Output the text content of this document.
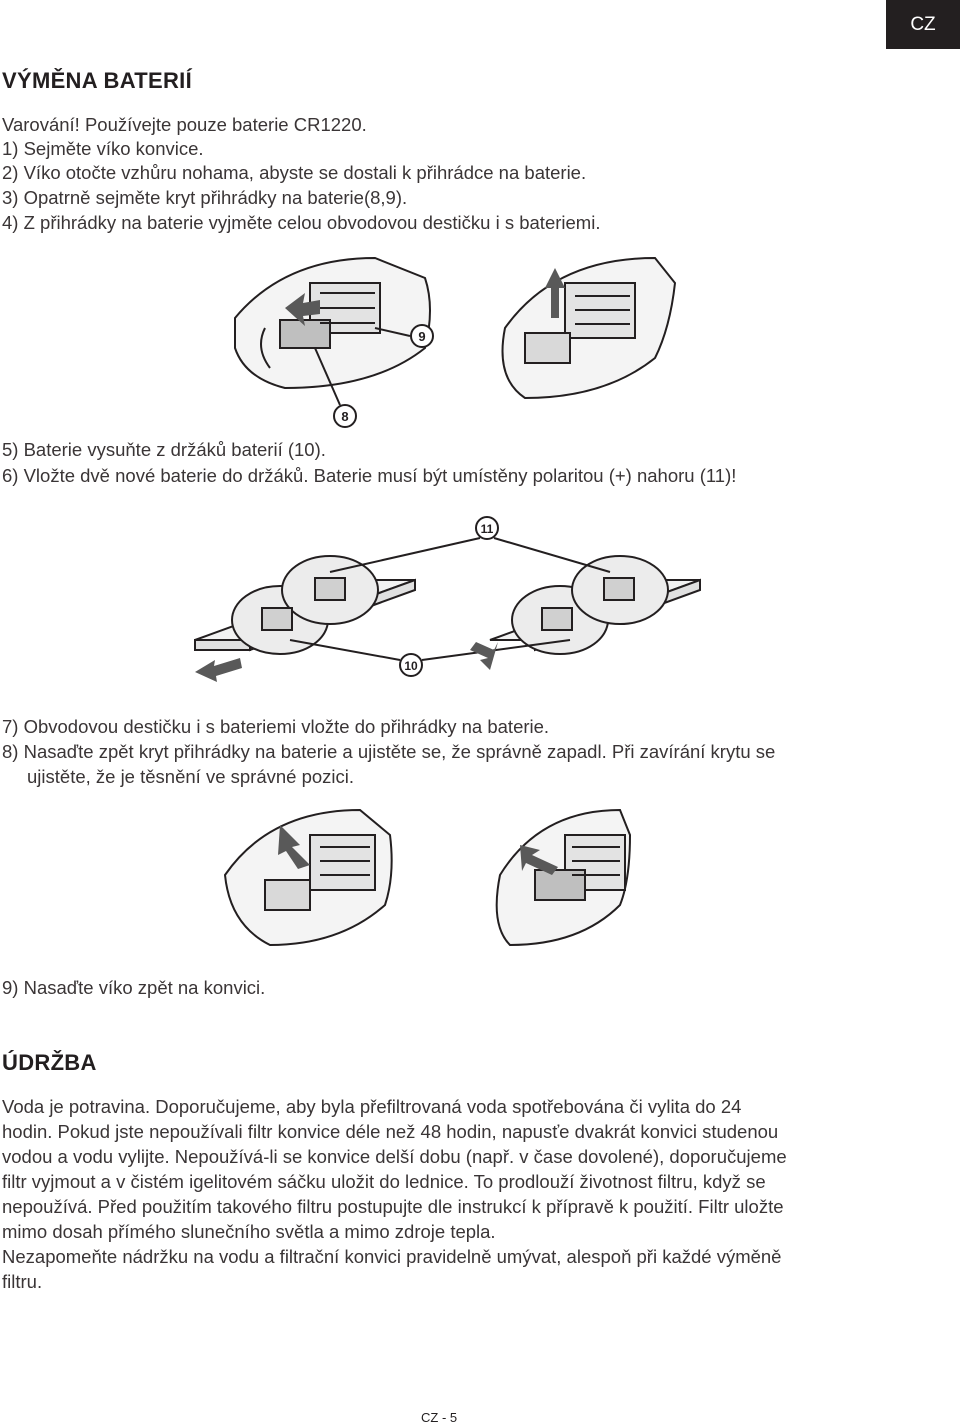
CZ
VÝMĚNA BATERIÍ
Varování! Používejte pouze baterie CR1220.
1) Sejměte víko konvice.
2) Víko otočte vzhůru nohama, abyste se dostali k přihrádce na baterie.
3) Opatrně sejměte kryt přihrádky na baterie(8,9).
4) Z přihrádky na baterie vyjměte celou obvodovou destičku i s bateriemi.
9
8
5) Baterie vysuňte z držáků baterií (10).
6) Vložte dvě nové baterie do držáků. Baterie musí být umístěny polaritou (+) nahoru (11)!
11
10
7) Obvodovou destičku i s bateriemi vložte do přihrádky na baterie.
8) Nasaďte zpět kryt přihrádky na baterie a ujistěte se, že správně zapadl. Při zavírání krytu se
ujistěte, že je těsnění ve správné pozici.
9) Nasaďte víko zpět na konvici.
ÚDRŽBA
Voda je potravina. Doporučujeme, aby byla přefiltrovaná voda spotřebována či vylita do 24
hodin. Pokud jste nepoužívali filtr konvice déle než 48 hodin, napusťe dvakrát konvici studenou
vodou a vodu vylijte. Nepoužívá-li se konvice delší dobu (např. v čase dovolené), doporučujeme
filtr vyjmout a v čistém igelitovém sáčku uložit do lednice. To prodlouží životnost filtru, když se
nepoužívá. Před použitím takového filtru postupujte dle instrukcí k přípravě k použití. Filtr uložte
mimo dosah přímého slunečního světla a mimo zdroje tepla.
Nezapomeňte nádržku na vodu a filtrační konvici pravidelně umývat, alespoň při každé výměně
filtru.
CZ - 5
